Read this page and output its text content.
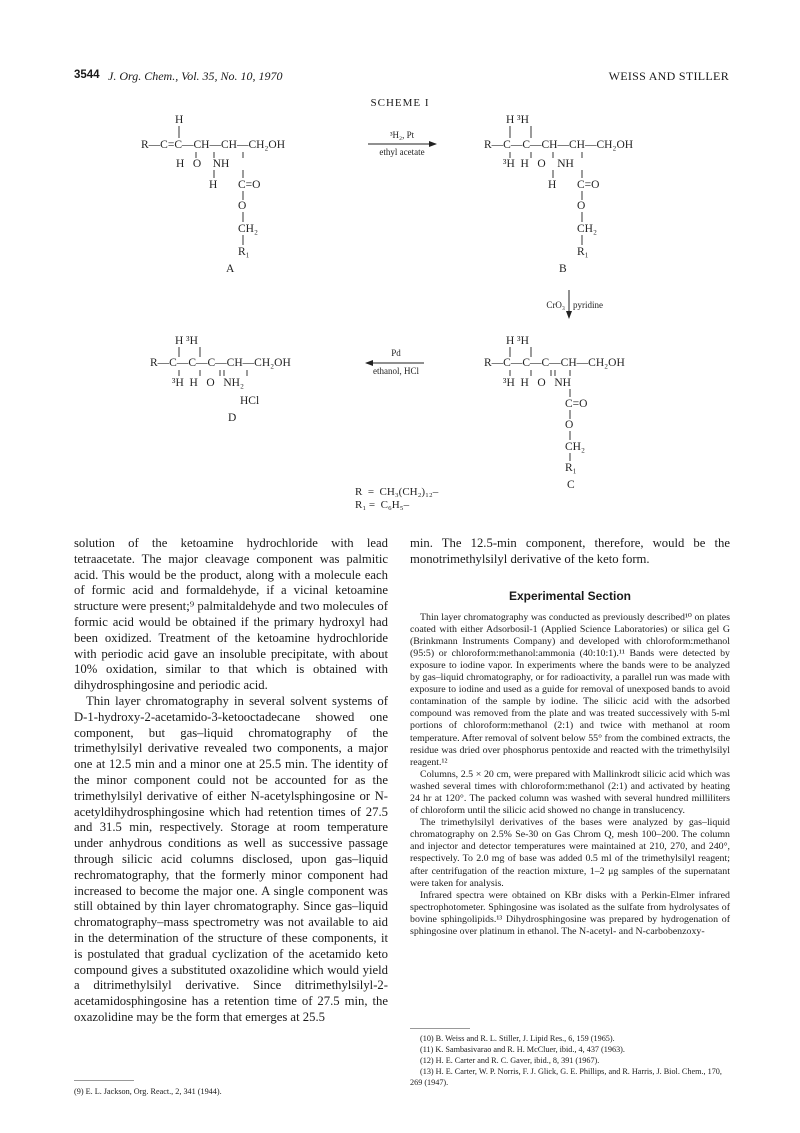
3544 J. Org. Chem., Vol. 35, No. 10, 1970	WEISS AND STILLER
SCHEME I
H
R—C=C—CH—CH—CH₂OH
H   O    NH
H C=O
O
CH₂
R₁
A
³H₂, Pt
ethyl acetate
H ³H
R—C—C—CH—CH—CH₂OH
³H  H   O    NH
H C=O
O
CH₂
R₁
B
CrO₃ pyridine
H ³H
R—C—C—C—CH—CH₂OH
³H  H   O   NH₂
HCl
D
Pd
ethanol, HCl
H ³H
R—C—C—C—CH—CH₂OH
³H  H   O   NH
C=O
O
CH₂
R₁
C
R  =  CH₃(CH₂)₁₂–
R₁ =  C₆H₅–

solution of the ketoamine hydrochloride with lead tetraacetate. The major cleavage component was palmitic acid. This would be the product, along with a molecule each of formic acid and formaldehyde, if a vicinal ketoamine structure were present;⁹ palmitaldehyde and two molecules of formic acid would be obtained if the primary hydroxyl had been oxidized. Treatment of the ketoamine hydrochloride with periodic acid gave an insoluble precipitate, with about 10% oxidation, similar to that which is obtained with dihydrosphingosine and periodic acid.

Thin layer chromatography in several solvent systems of D-1-hydroxy-2-acetamido-3-ketooctadecane showed one component, but gas–liquid chromatography of the trimethylsilyl derivative revealed two components, a major one at 12.5 min and a minor one at 25.5 min. The identity of the minor component could not be accounted for as the trimethylsilyl derivative of either N-acetylsphingosine or N-acetyldihydrosphingosine which had retention times of 27.5 and 31.5 min, respectively. Storage at room temperature under anhydrous conditions as well as successive passage through silicic acid columns disclosed, upon gas–liquid rechromatography, that the formerly minor component had increased to become the major one. A single component was still obtained by thin layer chromatography. Since gas–liquid chromatography–mass spectrometry was not available to aid in the determination of the structure of these components, it is postulated that gradual cyclization of the acetamido keto compound gives a substituted oxazolidine which would yield a ditrimethylsilyl derivative. Since ditrimethylsilyl-2-acetamidosphingosine has a retention time of 27.5 min, the oxazolidine may be the form that emerges at 25.5

(9) E. L. Jackson, Org. React., 2, 341 (1944).

min. The 12.5-min component, therefore, would be the monotrimethylsilyl derivative of the keto form.

Experimental Section

Thin layer chromatography was conducted as previously described¹⁰ on plates coated with either Adsorbosil-1 (Applied Science Laboratories) or silica gel G (Brinkmann Instruments Company) and developed with chloroform:methanol (95:5) or chloroform:methanol:ammonia (40:10:1).¹¹ Bands were detected by exposure to iodine vapor. In experiments where the bands were to be analyzed by gas–liquid chromatography, or for radioactivity, a parallel run was made with exposure to iodine and used as a guide for removal of unexposed bands to avoid contamination of the sample by iodine. The silicic acid with the adsorbed compound was removed from the plate and was treated successively with 5-ml portions of chloroform:methanol (2:1) and twice with methanol at room temperature. After removal of solvent below 55° from the combined extracts, the residue was dried over phosphorus pentoxide and reacted with the trimethylsilyl reagent.¹²

Columns, 2.5 × 20 cm, were prepared with Mallinkrodt silicic acid which was washed several times with chloroform:methanol (2:1) and activated by heating 24 hr at 120°. The packed column was washed with several hundred milliliters of chloroform until the silicic acid showed no change in translucency.

The trimethylsilyl derivatives of the bases were analyzed by gas–liquid chromatography on 2.5% Se-30 on Gas Chrom Q, mesh 100–200. The column and injector and detector temperatures were maintained at 210, 270, and 240°, respectively. To 2.0 mg of base was added 0.5 ml of the trimethylsilyl reagent; after centrifugation of the reaction mixture, 1–2 μg samples of the supernatant were taken for analysis.

Infrared spectra were obtained on KBr disks with a Perkin-Elmer infrared spectrophotometer. Sphingosine was isolated as the sulfate from hydrolysates of bovine sphingolipids.¹³ Dihydrosphingosine was prepared by hydrogenation of sphingosine over platinum in ethanol. The N-acetyl- and N-carbobenzoxy-

(10) B. Weiss and R. L. Stiller, J. Lipid Res., 6, 159 (1965).

(11) K. Sambasivarao and R. H. McCluer, ibid., 4, 437 (1963).

(12) H. E. Carter and R. C. Gaver, ibid., 8, 391 (1967).

(13) H. E. Carter, W. P. Norris, F. J. Glick, G. E. Phillips, and R. Harris, J. Biol. Chem., 170, 269 (1947).
